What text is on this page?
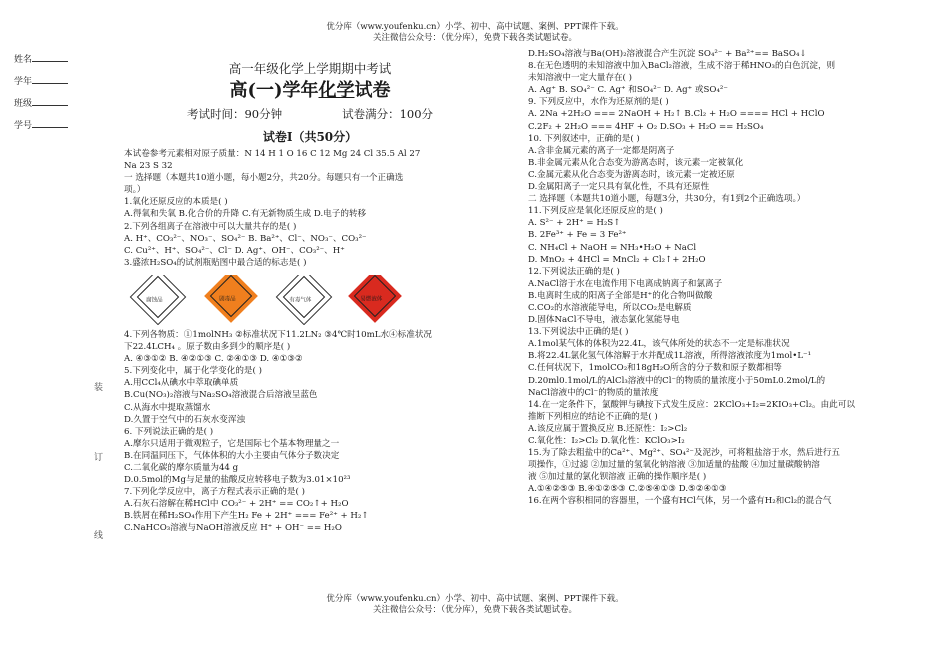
优分库（www.youfenku.cn）小学、初中、高中试题、案例、PPT课件下载。
关注微信公众号：（优分库），免费下载各类试题试卷。
姓名
学年
班级
学号
装
订
线
高一年级化学上学期期中考试
高(一)学年化学试卷
考试时间：90分钟	试卷满分：100分
试卷Ⅰ（共50分）
本试卷参考元素相对原子质量：N 14 H 1 O 16 C 12 Mg 24 Cl 35.5 Al 27
Na 23 S 32
一 选择题（本题共10道小题，每小题2分，共20分。每题只有一个正确选
项。）
1.氧化还原反应的本质是( )
A.得氧和失氧 B.化合价的升降 C.有无新物质生成 D.电子的转移
2.下列各组离子在溶液中可以大量共存的是( )
A. H⁺、CO₃²⁻、NO₃⁻、SO₄²⁻ B. Ba²⁺、Cl⁻、NO₃⁻、CO₃²⁻
C. Cu²⁺、H⁺、SO₄²⁻、Cl⁻ D. Ag⁺、OH⁻、CO₃²⁻、H⁺
3.盛浓H₂SO₄的试剂瓶贴图中最合适的标志是( )
腐蚀品	剧毒品	有毒气体	易燃液体
4.下列各物质：①1molNH₃ ②标准状况下11.2LN₂ ③4℃时10mL水④标准状况
下22.4LCH₄ 。原子数由多到少的顺序是( )
A. ④③①② B. ④②①③ C. ②④①③ D. ④①③②
5.下列变化中，属于化学变化的是( )
A.用CCl₄从碘水中萃取碘单质
B.Cu(NO₃)₂溶液与Na₂SO₄溶液混合后溶液呈蓝色
C.从海水中提取蒸馏水
D.久置于空气中的石灰水变浑浊
6. 下列说法正确的是( )
A.摩尔只适用于微观粒子，它是国际七个基本物理量之一
B.在同温同压下，气体体积的大小主要由气体分子数决定
C.二氧化碳的摩尔质量为44 g
D.0.5mol的Mg与足量的盐酸反应转移电子数为3.01×10²³
7.下列化学反应中，离子方程式表示正确的是( )
A.石灰石溶解在稀HCl中 CO₃²⁻ + 2H⁺ == CO₂↑+ H₂O
B.铁屑在稀H₂SO₄作用下产生H₂ Fe + 2H⁺ === Fe²⁺ + H₂↑
C.NaHCO₃溶液与NaOH溶液反应 H⁺ + OH⁻ == H₂O
D.H₂SO₄溶液与Ba(OH)₂溶液混合产生沉淀 SO₄²⁻ + Ba²⁺== BaSO₄↓
8.在无色透明的未知溶液中加入BaCl₂溶液，生成不溶于稀HNO₃的白色沉淀，则
未知溶液中一定大量存在( )
A. Ag⁺ B. SO₄²⁻ C. Ag⁺ 和SO₄²⁻ D. Ag⁺ 或SO₄²⁻
9. 下列反应中，水作为还原剂的是( )
A. 2Na +2H₂O === 2NaOH + H₂↑ B.Cl₂ + H₂O ==== HCl + HClO
C.2F₂ + 2H₂O === 4HF + O₂ D.SO₃ + H₂O == H₂SO₄
10. 下列叙述中，正确的是( )
A.含非金属元素的离子一定都是阴离子
B.非金属元素从化合态变为游离态时，该元素一定被氧化
C.金属元素从化合态变为游离态时，该元素一定被还原
D.金属阳离子一定只具有氧化性，不具有还原性
二 选择题（本题共10道小题，每题3分，共30分，有1到2个正确选项。）
11.下列反应是氧化还原反应的是( )
A. S²⁻ + 2H⁺ = H₂S↑
B. 2Fe³⁺ + Fe = 3 Fe²⁺
C. NH₄Cl + NaOH = NH₃•H₂O + NaCl
D. MnO₂ + 4HCl = MnCl₂ + Cl₂↑+ 2H₂O
12.下列说法正确的是( )
A.NaCl溶于水在电流作用下电离成钠离子和氯离子
B.电离时生成的阳离子全部是H⁺的化合物叫做酸
C.CO₂的水溶液能导电，所以CO₂是电解质
D.固体NaCl不导电，液态氯化氢能导电
13.下列说法中正确的是( )
A.1mol某气体的体积为22.4L，该气体所处的状态不一定是标准状况
B.将22.4L氯化氢气体溶解于水并配成1L溶液，所得溶液浓度为1mol•L⁻¹
C.任何状况下，1molCO₂和18gH₂O所含的分子数和原子数都相等
D.20ml0.1mol/L的AlCl₃溶液中的Cl⁻的物质的量浓度小于50mL0.2mol/L的
NaCl溶液中的Cl⁻的物质的量浓度
14.在一定条件下，氯酸钾与碘按下式发生反应：2KClO₃+I₂=2KIO₃+Cl₂。由此可以
推断下列相应的结论不正确的是( )
A.该反应属于置换反应 B.还原性：I₂>Cl₂
C.氧化性：I₂>Cl₂ D.氧化性：KClO₃>I₂
15.为了除去粗盐中的Ca²⁺、Mg²⁺、SO₄²⁻及泥沙，可将粗盐溶于水，然后进行五
项操作，①过滤 ②加过量的氢氧化钠溶液 ③加适量的盐酸 ④加过量碳酸钠溶
液 ⑤加过量的氯化钡溶液 正确的操作顺序是( )
A.①④②⑤③ B.④①②⑤③ C.②⑤④①③ D.⑤②④①③
16.在两个容积相同的容器里，一个盛有HCl气体，另一个盛有H₂和Cl₂的混合气
优分库（www.youfenku.cn）小学、初中、高中试题、案例、PPT课件下载。
关注微信公众号：（优分库），免费下载各类试题试卷。
